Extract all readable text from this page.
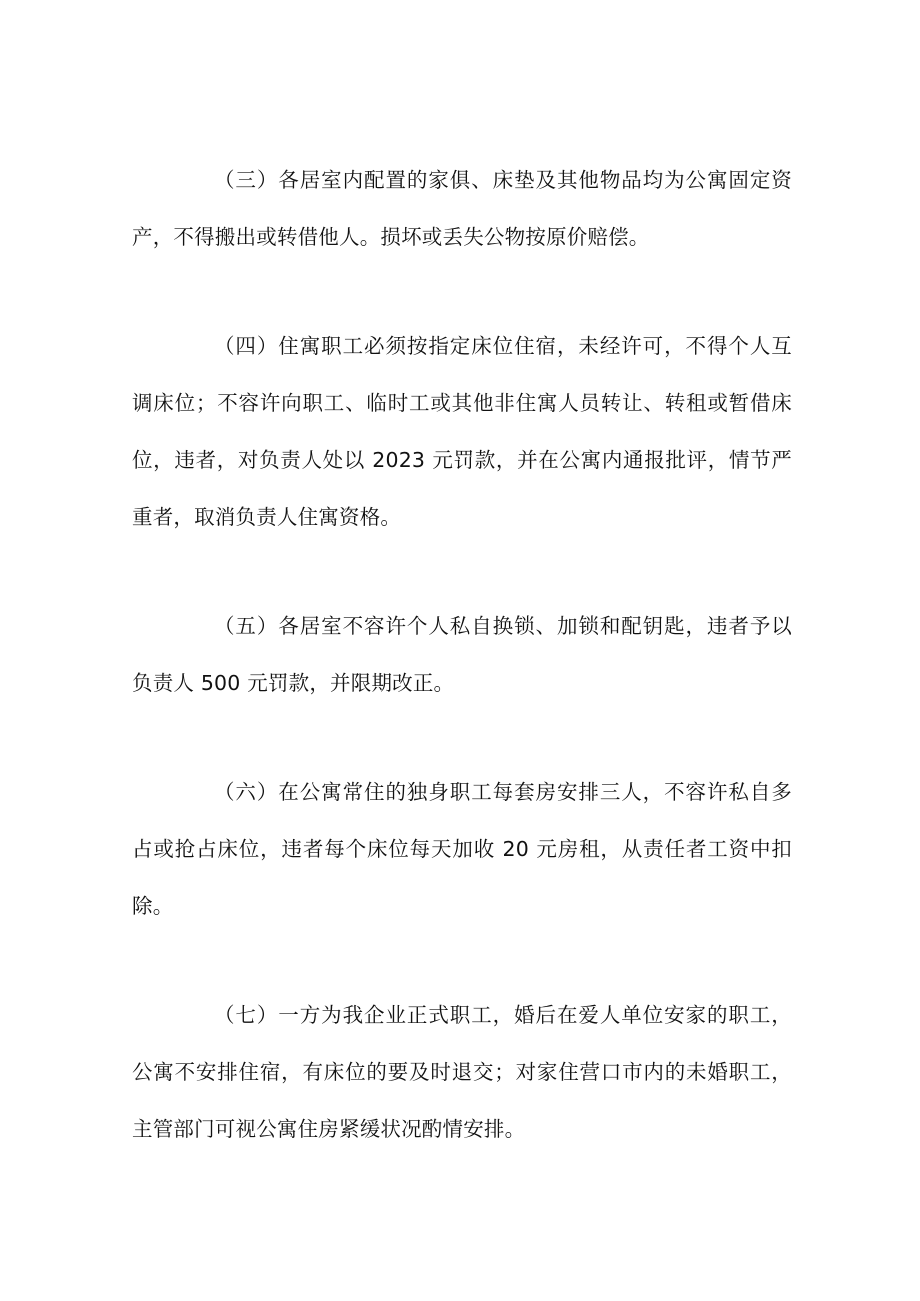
（三）各居室内配置的家俱、床垫及其他物品均为公寓固定资产，不得搬出或转借他人。损坏或丢失公物按原价赔偿。

（四）住寓职工必须按指定床位住宿，未经许可，不得个人互调床位；不容许向职工、临时工或其他非住寓人员转让、转租或暂借床位，违者，对负责人处以 2023 元罚款，并在公寓内通报批评，情节严重者，取消负责人住寓资格。

（五）各居室不容许个人私自换锁、加锁和配钥匙，违者予以负责人 500 元罚款，并限期改正。

（六）在公寓常住的独身职工每套房安排三人，不容许私自多占或抢占床位，违者每个床位每天加收 20 元房租，从责任者工资中扣除。

（七）一方为我企业正式职工，婚后在爱人单位安家的职工，公寓不安排住宿，有床位的要及时退交；对家住营口市内的未婚职工，主管部门可视公寓住房紧缓状况酌情安排。
